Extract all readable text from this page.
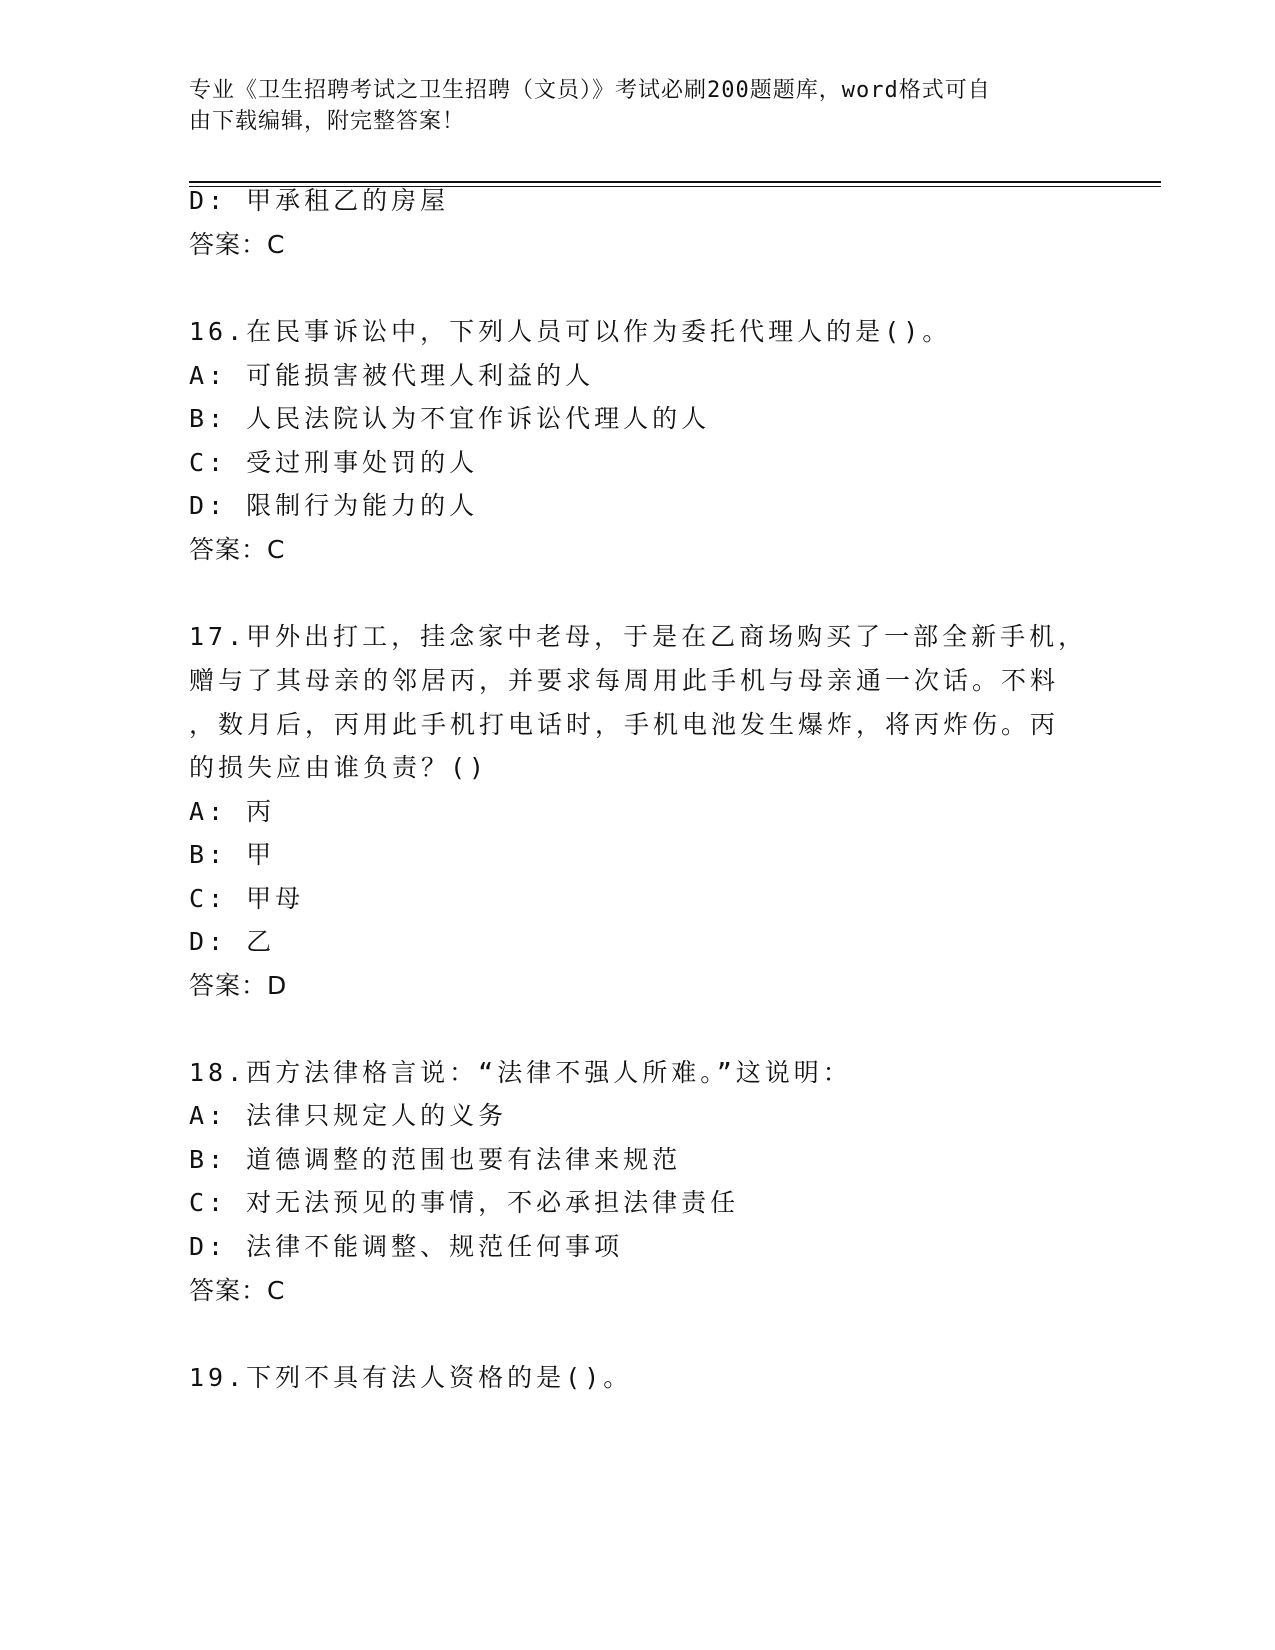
专业《卫生招聘考试之卫生招聘（文员）》考试必刷200题题库，word格式可自
由下载编辑，附完整答案！
D: 甲承租乙的房屋
答案：C
16.在民事诉讼中，下列人员可以作为委托代理人的是()。
A: 可能损害被代理人利益的人
B: 人民法院认为不宜作诉讼代理人的人
C: 受过刑事处罚的人
D: 限制行为能力的人
答案：C
17.甲外出打工，挂念家中老母，于是在乙商场购买了一部全新手机，
赠与了其母亲的邻居丙，并要求每周用此手机与母亲通一次话。不料
，数月后，丙用此手机打电话时，手机电池发生爆炸，将丙炸伤。丙
的损失应由谁负责？()
A: 丙
B: 甲
C: 甲母
D: 乙
答案：D
18.西方法律格言说：“法律不强人所难。”这说明：
A: 法律只规定人的义务
B: 道德调整的范围也要有法律来规范
C: 对无法预见的事情，不必承担法律责任
D: 法律不能调整、规范任何事项
答案：C
19.下列不具有法人资格的是()。
